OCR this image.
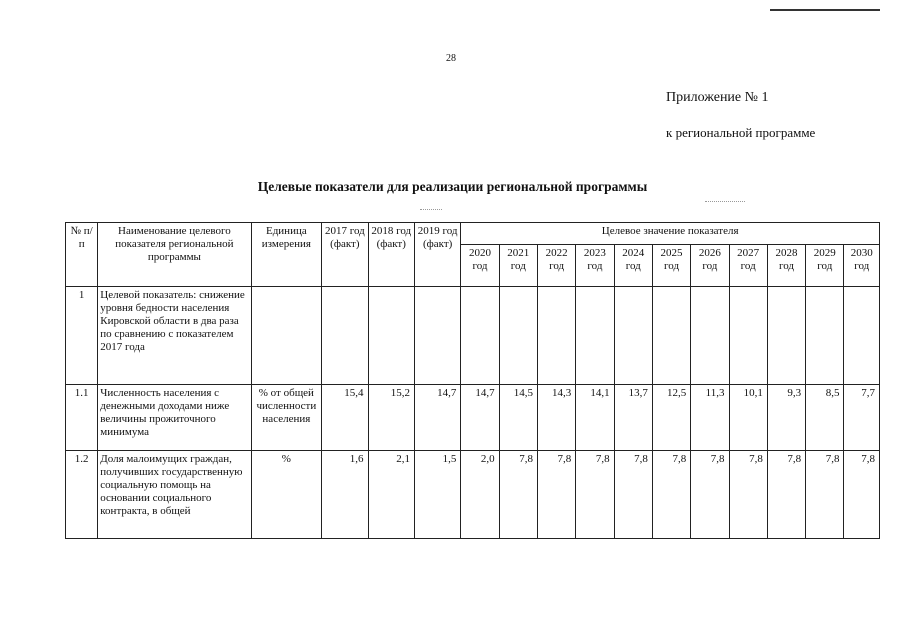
28
Приложение № 1
к региональной программе
Целевые показатели для реализации региональной программы
№ п/п	Наименование целевого показателя региональной программы	Единица измерения	2017 год (факт)	2018 год (факт)	2019 год (факт)	Целевое значение показателя										
						2020 год	2021 год	2022 год	2023 год	2024 год	2025 год	2026 год	2027 год	2028 год	2029 год	2030 год
1	Целевой показатель: снижение уровня бедности населения Кировской области в два раза по сравнению с показателем 2017 года															
1.1	Численность населения с денежными доходами ниже величины прожиточного минимума	% от общей численности населения	15,4	15,2	14,7	14,7	14,5	14,3	14,1	13,7	12,5	11,3	10,1	9,3	8,5	7,7
1.2	Доля малоимущих граждан, получивших государственную социальную помощь на основании социального контракта, в общей	%	1,6	2,1	1,5	2,0	7,8	7,8	7,8	7,8	7,8	7,8	7,8	7,8	7,8	7,8
